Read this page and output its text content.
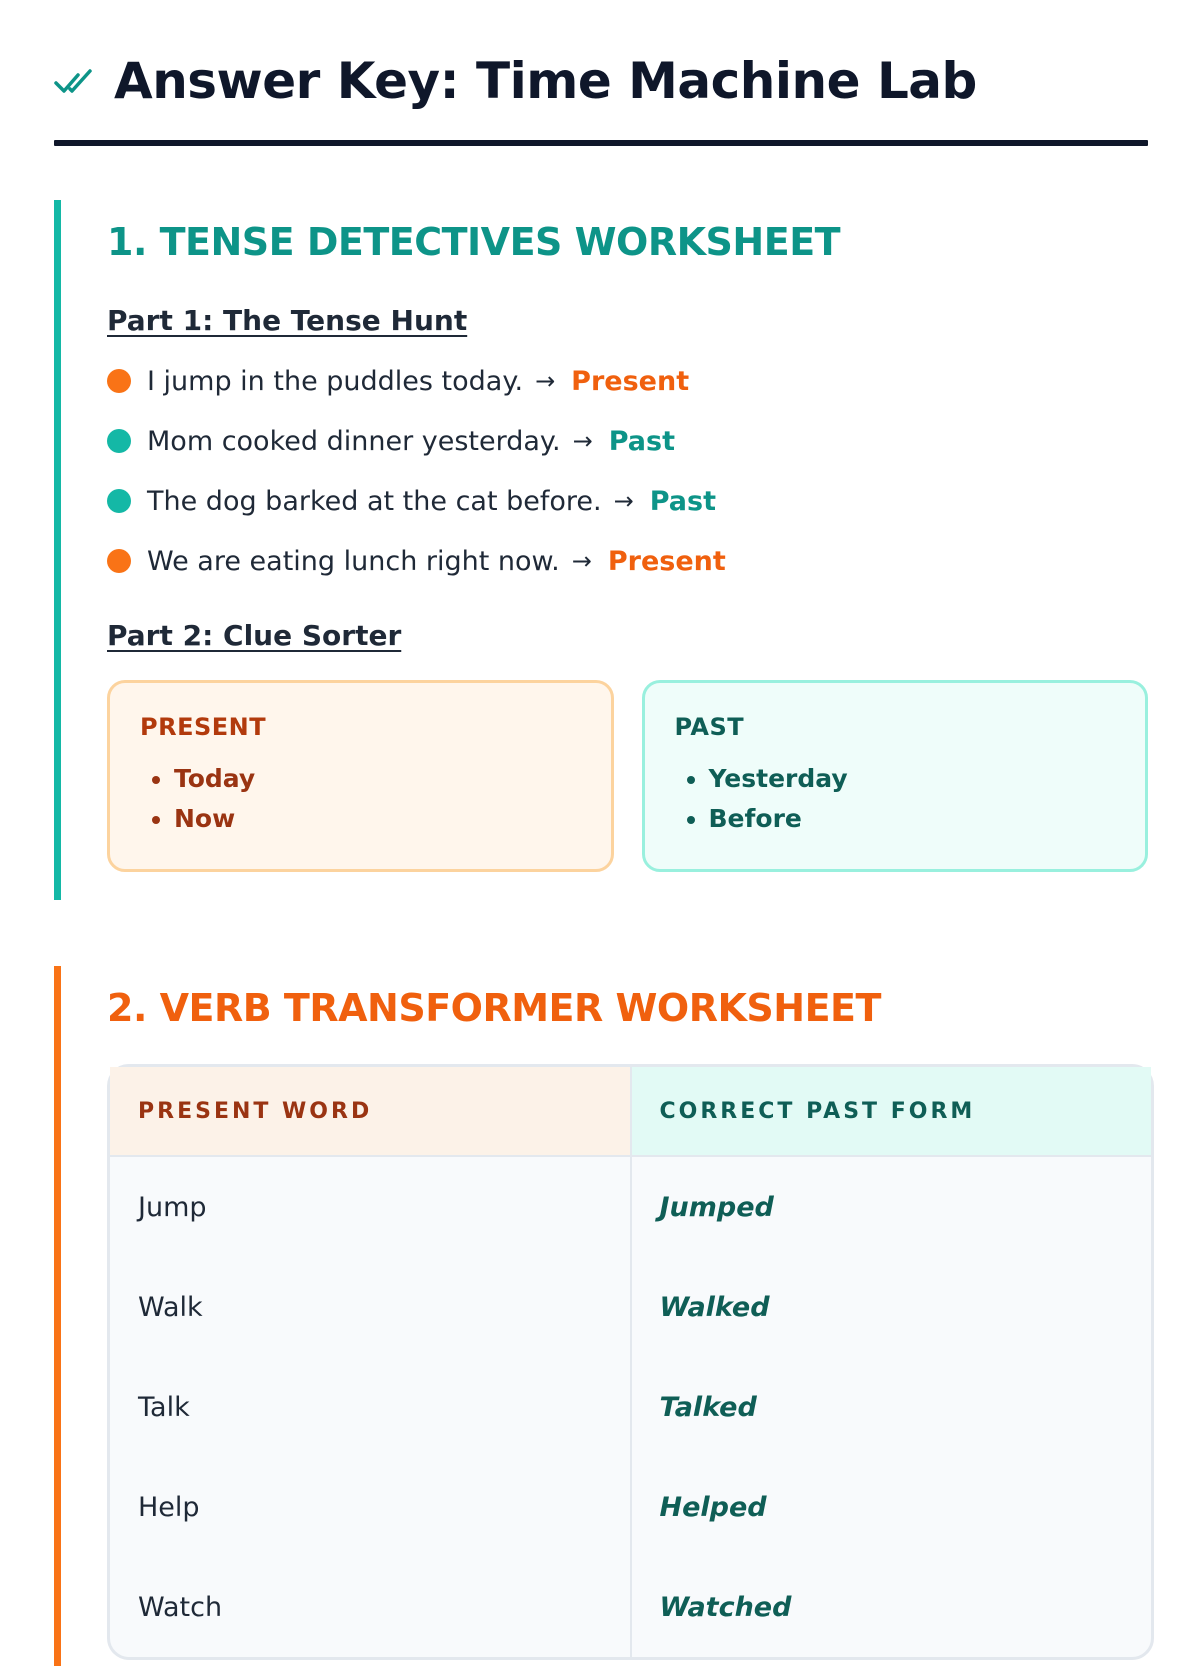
Answer Key: Time Machine Lab
1. TENSE DETECTIVES WORKSHEET
Part 1: The Tense Hunt
I jump in the puddles today. → Present
Mom cooked dinner yesterday. → Past
The dog barked at the cat before. → Past
We are eating lunch right now. → Present
Part 2: Clue Sorter
PRESENT
• Today
• Now
PAST
• Yesterday
• Before
2. VERB TRANSFORMER WORKSHEET
PRESENT WORD	CORRECT PAST FORM
Jump	Jumped
Walk	Walked
Talk	Talked
Help	Helped
Watch	Watched
